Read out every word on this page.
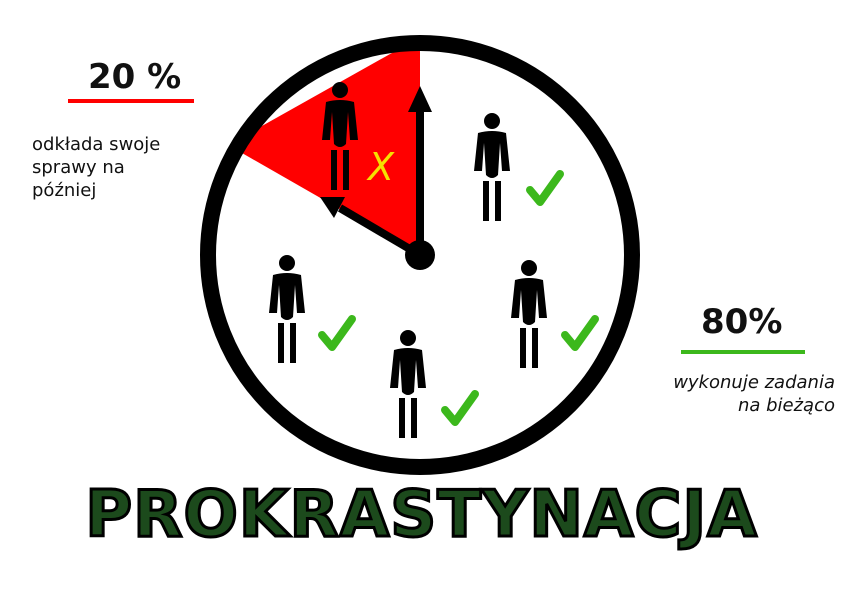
X
20 %
odkłada swoje
sprawy na
później
80%
wykonuje zadania
na bieżąco
PROKRASTYNACJA
